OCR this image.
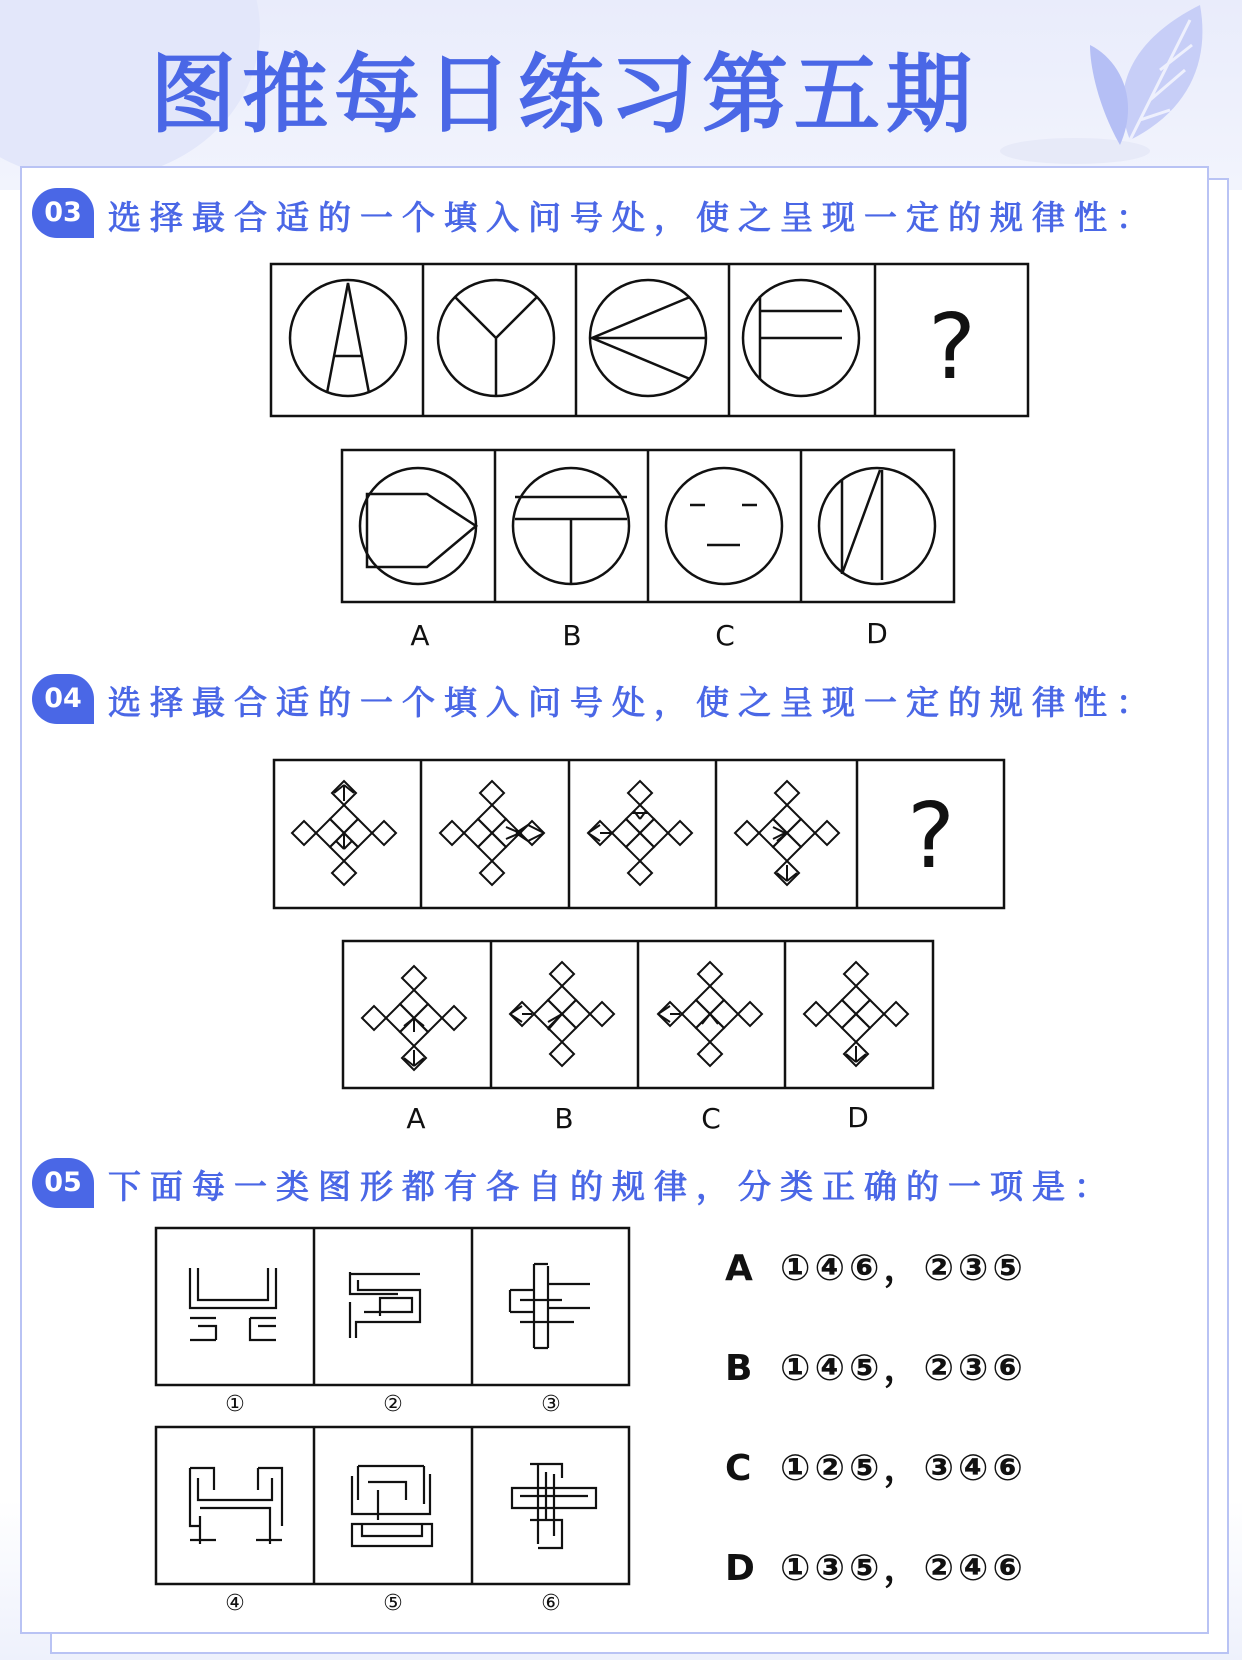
图推每日练习第五期
03 选择最合适的一个填入问号处，使之呈现一定的规律性：
?
A	B	C	D
04 选择最合适的一个填入问号处，使之呈现一定的规律性：
?
A	B	C	D
05 下面每一类图形都有各自的规律，分类正确的一项是：
①	②	③
④	⑤	⑥
A ①④⑥，②③⑤
B ①④⑤，②③⑥
C ①②⑤，③④⑥
D ①③⑤，②④⑥
